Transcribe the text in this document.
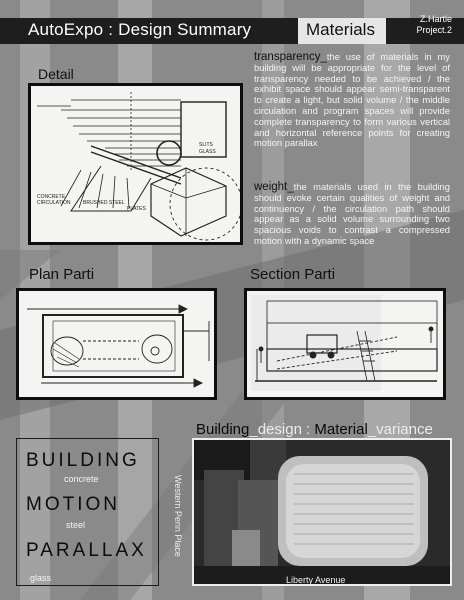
AutoExpo : Design Summary	Materials
Z.Hartle
Project.2
Detail
Plan Parti	Section Parti
CONCRETE
CIRCULATION BRUSHED STEEL
PLATES
SLITS
GLASS
transparency_the use of materials in my building will be appropriate for the level of transparency needed to be achieved / the exhibit space should appear semi-transparent to create a light, but solid volume / the middle circulation and program spaces will provide complete transparency to form various vertical and horizontal reference points for creating motion parallax
weight_the materials used in the building should evoke certain qualities of weight and continuency / the circulation path should appear as a solid volume surrounding two spacious voids to contrast a compressed motion with a dynamic space
Building_design : Material_variance
Western Penn Place
Liberty Avenue
BUILDING
concrete
MOTION
steel
PARALLAX
glass
